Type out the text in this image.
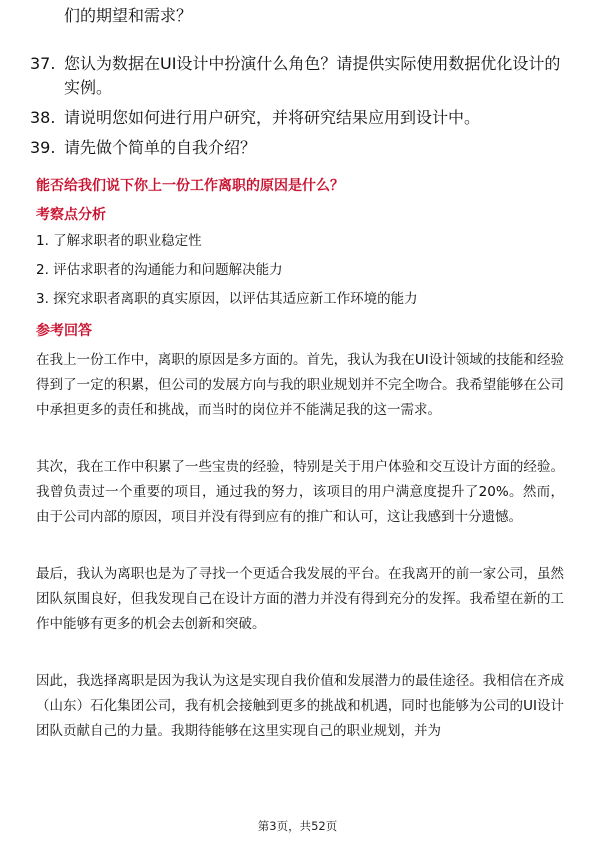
们的期望和需求？

37. 您认为数据在UI设计中扮演什么角色？请提供实际使用数据优化设计的实例。
38. 请说明您如何进行用户研究，并将研究结果应用到设计中。
39. 请先做个简单的自我介绍？
能否给我们说下你上一份工作离职的原因是什么？
考察点分析
1. 了解求职者的职业稳定性
2. 评估求职者的沟通能力和问题解决能力
3. 探究求职者离职的真实原因，以评估其适应新工作环境的能力
参考回答

在我上一份工作中，离职的原因是多方面的。首先，我认为我在UI设计领域的技能和经验得到了一定的积累，但公司的发展方向与我的职业规划并不完全吻合。我希望能够在公司中承担更多的责任和挑战，而当时的岗位并不能满足我的这一需求。

其次，我在工作中积累了一些宝贵的经验，特别是关于用户体验和交互设计方面的经验。我曾负责过一个重要的项目，通过我的努力，该项目的用户满意度提升了20%。然而，由于公司内部的原因，项目并没有得到应有的推广和认可，这让我感到十分遗憾。

最后，我认为离职也是为了寻找一个更适合我发展的平台。在我离开的前一家公司，虽然团队氛围良好，但我发现自己在设计方面的潜力并没有得到充分的发挥。我希望在新的工作中能够有更多的机会去创新和突破。

因此，我选择离职是因为我认为这是实现自我价值和发展潜力的最佳途径。我相信在齐成（山东）石化集团公司，我有机会接触到更多的挑战和机遇，同时也能够为公司的UI设计团队贡献自己的力量。我期待能够在这里实现自己的职业规划，并为

第3页，共52页
